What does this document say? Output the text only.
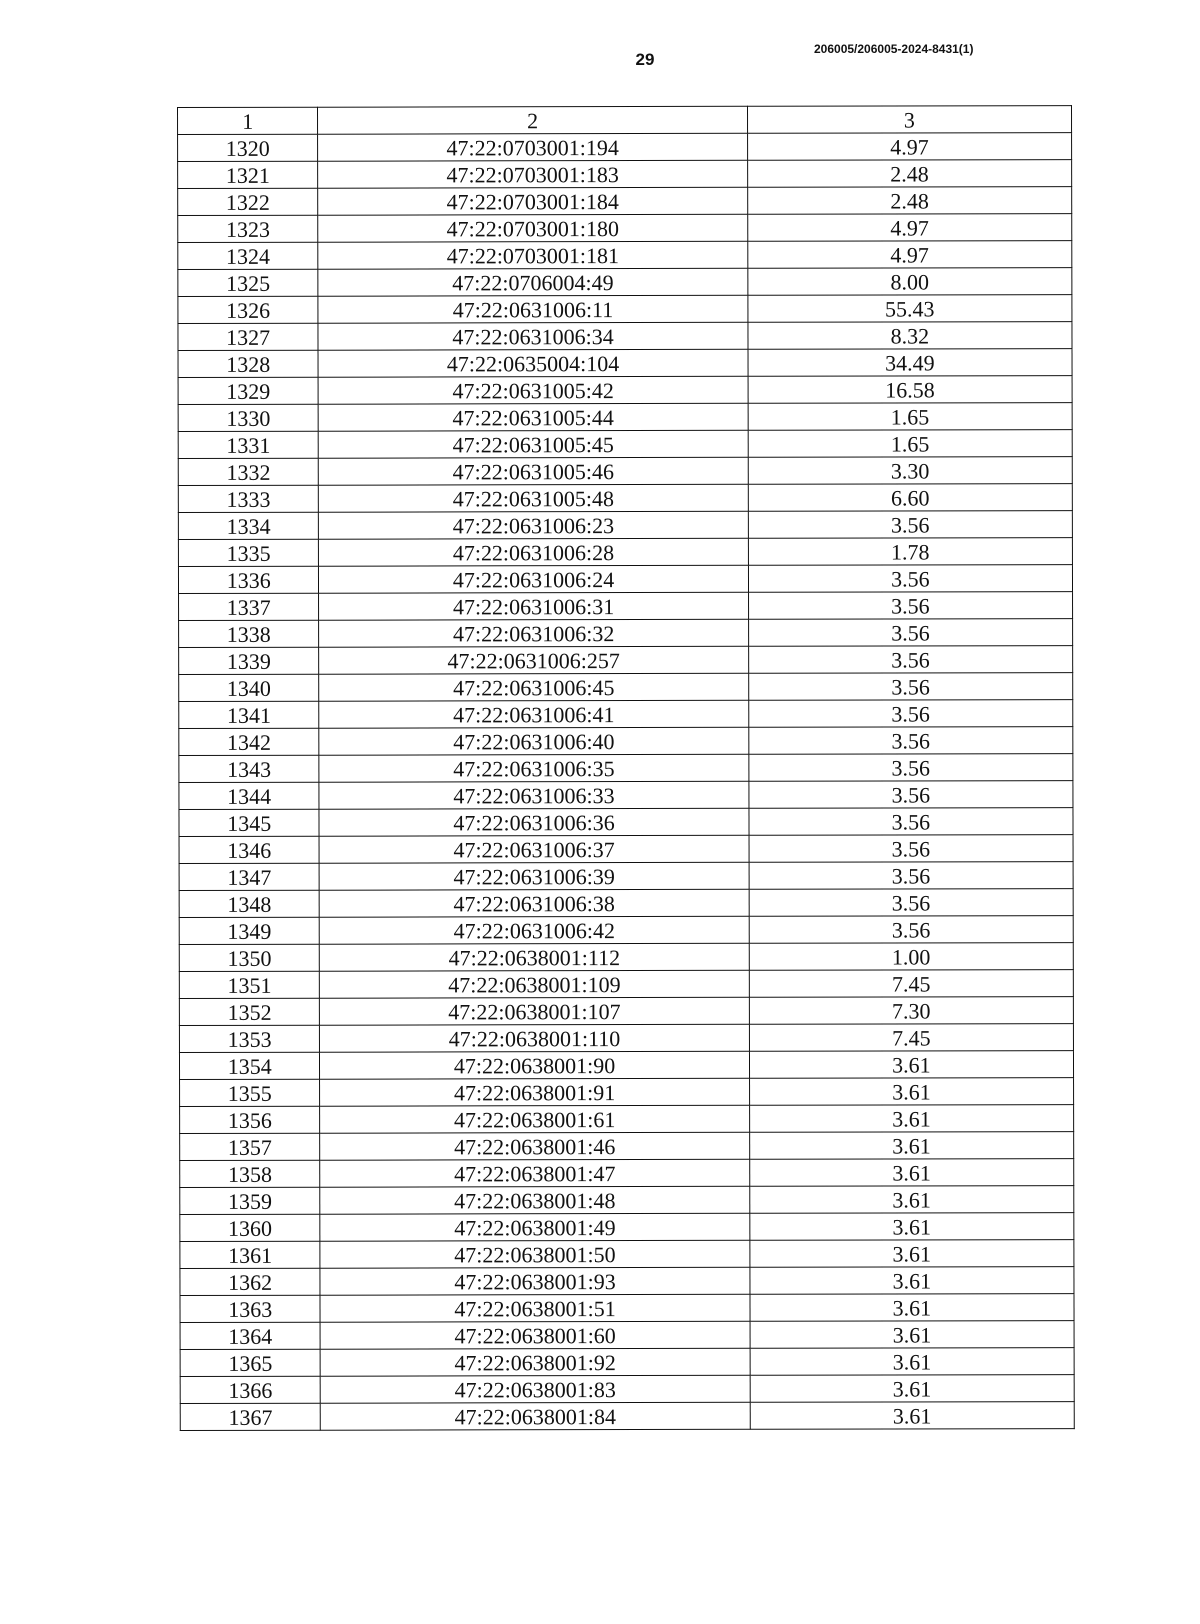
29
206005/206005-2024-8431(1)
1	2	3
1320	47:22:0703001:194	4.97
1321	47:22:0703001:183	2.48
1322	47:22:0703001:184	2.48
1323	47:22:0703001:180	4.97
1324	47:22:0703001:181	4.97
1325	47:22:0706004:49	8.00
1326	47:22:0631006:11	55.43
1327	47:22:0631006:34	8.32
1328	47:22:0635004:104	34.49
1329	47:22:0631005:42	16.58
1330	47:22:0631005:44	1.65
1331	47:22:0631005:45	1.65
1332	47:22:0631005:46	3.30
1333	47:22:0631005:48	6.60
1334	47:22:0631006:23	3.56
1335	47:22:0631006:28	1.78
1336	47:22:0631006:24	3.56
1337	47:22:0631006:31	3.56
1338	47:22:0631006:32	3.56
1339	47:22:0631006:257	3.56
1340	47:22:0631006:45	3.56
1341	47:22:0631006:41	3.56
1342	47:22:0631006:40	3.56
1343	47:22:0631006:35	3.56
1344	47:22:0631006:33	3.56
1345	47:22:0631006:36	3.56
1346	47:22:0631006:37	3.56
1347	47:22:0631006:39	3.56
1348	47:22:0631006:38	3.56
1349	47:22:0631006:42	3.56
1350	47:22:0638001:112	1.00
1351	47:22:0638001:109	7.45
1352	47:22:0638001:107	7.30
1353	47:22:0638001:110	7.45
1354	47:22:0638001:90	3.61
1355	47:22:0638001:91	3.61
1356	47:22:0638001:61	3.61
1357	47:22:0638001:46	3.61
1358	47:22:0638001:47	3.61
1359	47:22:0638001:48	3.61
1360	47:22:0638001:49	3.61
1361	47:22:0638001:50	3.61
1362	47:22:0638001:93	3.61
1363	47:22:0638001:51	3.61
1364	47:22:0638001:60	3.61
1365	47:22:0638001:92	3.61
1366	47:22:0638001:83	3.61
1367	47:22:0638001:84	3.61
